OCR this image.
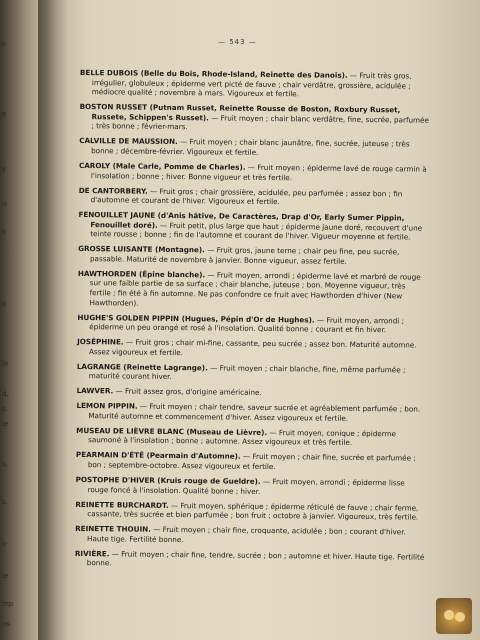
s
p
y
u
k
o
le
d,
s.
le
s,
s.
s-
le
mp
ns
— 543 —

BELLE DUBOIS (Belle du Bois, Rhode-Island, Reinette des Danois). — Fruit très gros, irrégulier, globuleux ; épiderme vert picté de fauve ; chair verdâtre, grossière, acidulée ; médiocre qualité ; novembre à mars. Vigoureux et fertile.

BOSTON RUSSET (Putnam Russet, Reinette Rousse de Boston, Roxbury Russet, Russete, Schippen's Russet). — Fruit moyen ; chair blanc verdâtre, fine, sucrée, parfumée ; très bonne ; février-mars.

CALVILLE DE MAUSSION. — Fruit moyen ; chair blanc jaunâtre, fine, sucrée, juteuse ; très bonne ; décembre-février. Vigoureux et fertile.

CAROLY (Male Carle, Pomme de Charles). — Fruit moyen ; épiderme lavé de rouge carmin à l'insolation ; bonne ; hiver. Bonne vigueur et très fertile.

DE CANTORBERY. — Fruit gros ; chair grossière, acidulée, peu parfumée ; assez bon ; fin d'automne et courant de l'hiver. Vigoureux et fertile.

FENOUILLET JAUNE (d'Anis hâtive, De Caractères, Drap d'Or, Early Sumer Pippin, Fenouillet doré). — Fruit petit, plus large que haut ; épiderme jaune doré, recouvert d'une teinte rousse ; bonne ; fin de l'automne et courant de l'hiver. Vigueur moyenne et fertile.

GROSSE LUISANTE (Montagne). — Fruit gros, jaune terne ; chair peu fine, peu sucrée, passable. Maturité de novembre à janvier. Bonne vigueur, assez fertile.

HAWTHORDEN (Épine blanche). — Fruit moyen, arrondi ; épiderme lavé et marbré de rouge sur une faible partie de sa surface ; chair blanche, juteuse ; bon. Moyenne vigueur, très fertile ; fin été à fin automne. Ne pas confondre ce fruit avec Hawthorden d'hiver (New Hawthorden).

HUGHE'S GOLDEN PIPPIN (Hugues, Pépin d'Or de Hughes). — Fruit moyen, arrondi ; épiderme un peu orangé et rosé à l'insolation. Qualité bonne ; courant et fin hiver.

JOSÉPHINE. — Fruit gros ; chair mi-fine, cassante, peu sucrée ; assez bon. Maturité automne. Assez vigoureux et fertile.

LAGRANGE (Reinette Lagrange). — Fruit moyen ; chair blanche, fine, même parfumée ; maturité courant hiver.

LAWVER. — Fruit assez gros, d'origine américaine.

LEMON PIPPIN. — Fruit moyen ; chair tendre, saveur sucrée et agréablement parfumée ; bon. Maturité automne et commencement d'hiver. Assez vigoureux et fertile.

MUSEAU DE LIÈVRE BLANC (Museau de Lièvre). — Fruit moyen, conique ; épiderme saumoné à l'insolation ; bonne ; automne. Assez vigoureux et très fertile.

PEARMAIN D'ÉTÉ (Pearmain d'Automne). — Fruit moyen ; chair fine, sucrée et parfumée ; bon ; septembre-octobre. Assez vigoureux et fertile.

POSTOPHE D'HIVER (Kruis rouge de Gueldre). — Fruit moyen, arrondi ; épiderme lisse rouge foncé à l'insolation. Qualité bonne ; hiver.

REINETTE BURCHARDT. — Fruit moyen, sphérique ; épiderme réticulé de fauve ; chair ferme, cassante, très sucrée et bien parfumée ; bon fruit ; octobre à janvier. Vigoureux, très fertile.

REINETTE THOUIN. — Fruit moyen ; chair fine, croquante, acidulée ; bon ; courant d'hiver. Haute tige. Fertilité bonne.

RIVIÈRE. — Fruit moyen ; chair fine, tendre, sucrée ; bon ; automne et hiver. Haute tige. Fertilité bonne.
